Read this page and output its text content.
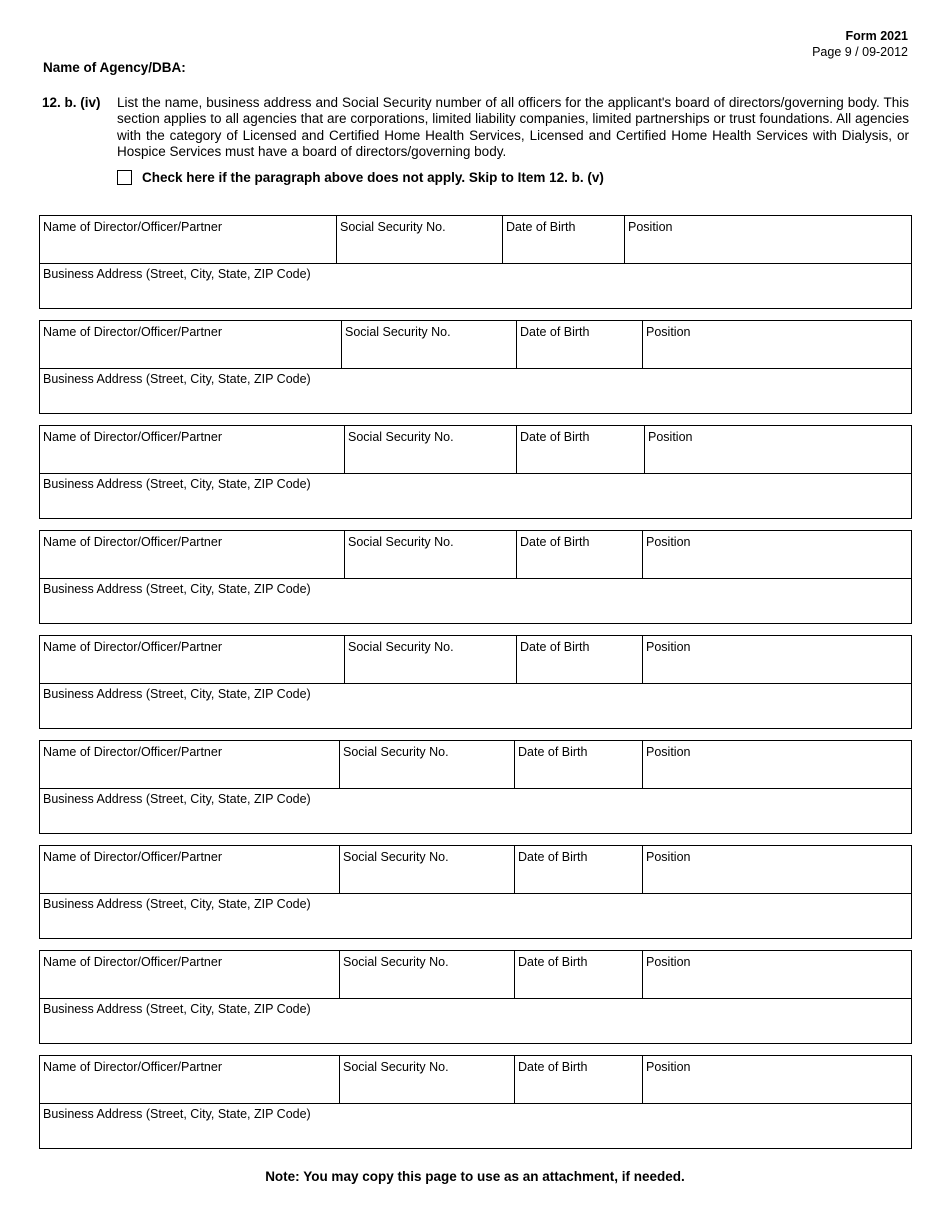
Form 2021
Page 9 / 09-2012
Name of Agency/DBA:
12. b. (iv) List the name, business address and Social Security number of all officers for the applicant's board of directors/governing body. This section applies to all agencies that are corporations, limited liability companies, limited partnerships or trust foundations. All agencies with the category of Licensed and Certified Home Health Services, Licensed and Certified Home Health Services with Dialysis, or Hospice Services must have a board of directors/governing body.
Check here if the paragraph above does not apply. Skip to Item 12. b. (v)
Name of Director/Officer/Partner	Social Security No.	Date of Birth	Position
Business Address (Street, City, State, ZIP Code)
Name of Director/Officer/Partner	Social Security No.	Date of Birth	Position
Business Address (Street, City, State, ZIP Code)
Name of Director/Officer/Partner	Social Security No.	Date of Birth	Position
Business Address (Street, City, State, ZIP Code)
Name of Director/Officer/Partner	Social Security No.	Date of Birth	Position
Business Address (Street, City, State, ZIP Code)
Name of Director/Officer/Partner	Social Security No.	Date of Birth	Position
Business Address (Street, City, State, ZIP Code)
Name of Director/Officer/Partner	Social Security No.	Date of Birth	Position
Business Address (Street, City, State, ZIP Code)
Name of Director/Officer/Partner	Social Security No.	Date of Birth	Position
Business Address (Street, City, State, ZIP Code)
Name of Director/Officer/Partner	Social Security No.	Date of Birth	Position
Business Address (Street, City, State, ZIP Code)
Name of Director/Officer/Partner	Social Security No.	Date of Birth	Position
Business Address (Street, City, State, ZIP Code)
Note: You may copy this page to use as an attachment, if needed.
